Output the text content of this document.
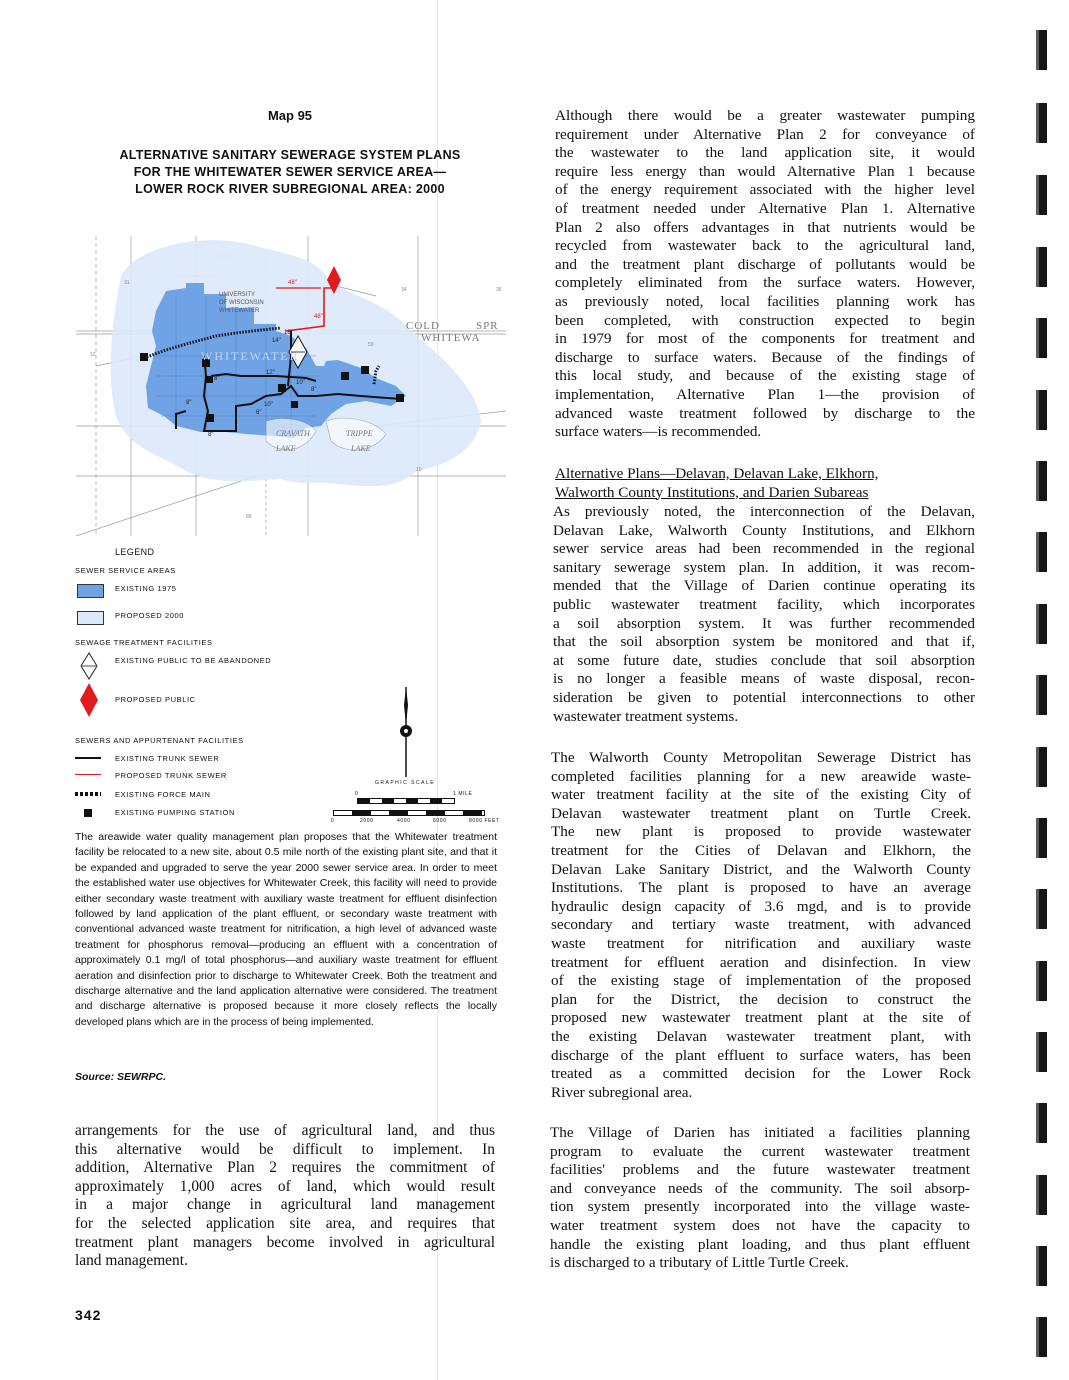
Map 95
ALTERNATIVE SANITARY SEWERAGE SYSTEM PLANS
FOR THE WHITEWATER SEWER SERVICE AREA—
LOWER ROCK RIVER SUBREGIONAL AREA: 2000
UNIVERSITY
OF WISCONSIN
WHITEWATER
WHITEWATER
COLD	SPR
WHITEWA
TRIPPE
LAKE
CRAVATH
LAKE
14"
18"
8"
12"
10"
8"
6"
10"
8"
8"
48"
48"
31
34	35
10
12
59
89
LEGEND
SEWER SERVICE AREAS
EXISTING 1975
PROPOSED 2000
SEWAGE TREATMENT FACILITIES
EXISTING PUBLIC TO BE ABANDONED
PROPOSED PUBLIC
SEWERS AND APPURTENANT FACILITIES
EXISTING TRUNK SEWER
PROPOSED TRUNK SEWER
EXISTING FORCE MAIN
EXISTING PUMPING STATION
GRAPHIC SCALE
0	1 MILE
0	2000	4000	6000	8000 FEET
The areawide water quality management plan proposes that the Whitewater treatment facility be relocated to a new site, about 0.5 mile north of the existing plant site, and that it be expanded and upgraded to serve the year 2000 sewer service area. In order to meet the established water use objectives for Whitewater Creek, this facility will need to provide either secondary waste treatment with auxiliary waste treatment for effluent disinfection followed by land application of the plant effluent, or secondary waste treatment with conventional advanced waste treatment for nitrification, a high level of advanced waste treatment for phosphorus removal—producing an effluent with a concentration of approximately 0.1 mg/l of total phosphorus—and auxiliary waste treatment for effluent aeration and disinfection prior to discharge to Whitewater Creek. Both the treatment and discharge alternative and the land application alternative were considered. The treatment and discharge alternative is proposed because it more closely reflects the locally developed plans which are in the process of being implemented.
Source: SEWRPC.
arrangements for the use of agricultural land, and thus
this alternative would be difficult to implement. In
addition, Alternative Plan 2 requires the commitment of
approximately 1,000 acres of land, which would result
in a major change in agricultural land management
for the selected application site area, and requires that
treatment plant managers become involved in agricultural
land management.
Although there would be a greater wastewater pumping
requirement under Alternative Plan 2 for conveyance of
the wastewater to the land application site, it would
require less energy than would Alternative Plan 1 because
of the energy requirement associated with the higher level
of treatment needed under Alternative Plan 1. Alternative
Plan 2 also offers advantages in that nutrients would be
recycled from wastewater back to the agricultural land,
and the treatment plant discharge of pollutants would be
completely eliminated from the surface waters. However,
as previously noted, local facilities planning work has
been completed, with construction expected to begin
in 1979 for most of the components for treatment and
discharge to surface waters. Because of the findings of
this local study, and because of the existing stage of
implementation, Alternative Plan 1—the provision of
advanced waste treatment followed by discharge to the
surface waters—is recommended.
Alternative Plans—Delavan, Delavan Lake, Elkhorn,
Walworth County Institutions, and Darien Subareas
As previously noted, the interconnection of the Delavan,
Delavan Lake, Walworth County Institutions, and Elkhorn
sewer service areas had been recommended in the regional
sanitary sewerage system plan. In addition, it was recom-
mended that the Village of Darien continue operating its
public wastewater treatment facility, which incorporates
a soil absorption system. It was further recommended
that the soil absorption system be monitored and that if,
at some future date, studies conclude that soil absorption
is no longer a feasible means of waste disposal, recon-
sideration be given to potential interconnections to other
wastewater treatment systems.
The Walworth County Metropolitan Sewerage District has
completed facilities planning for a new areawide waste-
water treatment facility at the site of the existing City of
Delavan wastewater treatment plant on Turtle Creek.
The new plant is proposed to provide wastewater
treatment for the Cities of Delavan and Elkhorn, the
Delavan Lake Sanitary District, and the Walworth County
Institutions. The plant is proposed to have an average
hydraulic design capacity of 3.6 mgd, and is to provide
secondary and tertiary waste treatment, with advanced
waste treatment for nitrification and auxiliary waste
treatment for effluent aeration and disinfection. In view
of the existing stage of implementation of the proposed
plan for the District, the decision to construct the
proposed new wastewater treatment plant at the site of
the existing Delavan wastewater treatment plant, with
discharge of the plant effluent to surface waters, has been
treated as a committed decision for the Lower Rock
River subregional area.
The Village of Darien has initiated a facilities planning
program to evaluate the current wastewater treatment
facilities' problems and the future wastewater treatment
and conveyance needs of the community. The soil absorp-
tion system presently incorporated into the village waste-
water treatment system does not have the capacity to
handle the existing plant loading, and thus plant effluent
is discharged to a tributary of Little Turtle Creek.
342
